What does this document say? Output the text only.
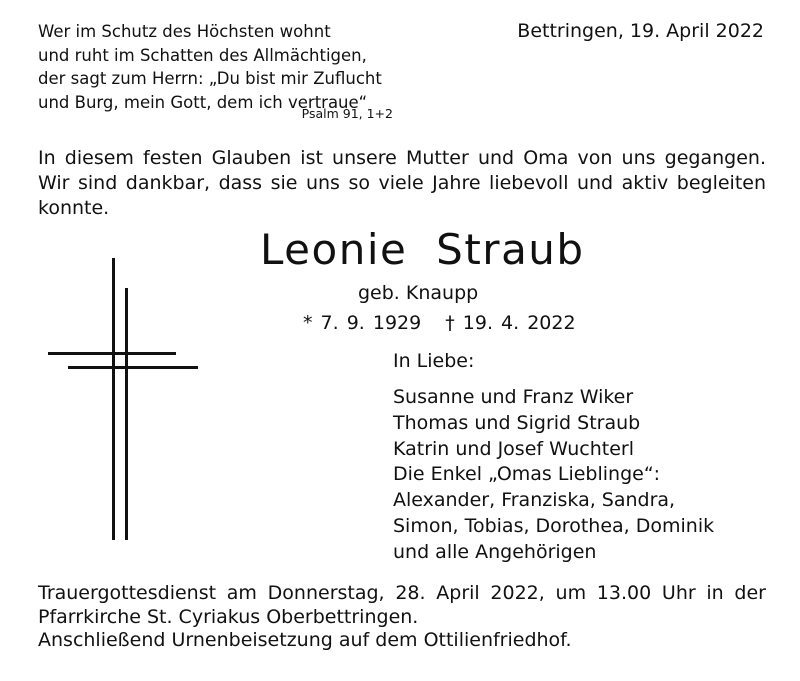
Wer im Schutz des Höchsten wohnt
und ruht im Schatten des Allmächtigen,
der sagt zum Herrn: „Du bist mir Zuflucht
und Burg, mein Gott, dem ich vertraue“
Psalm 91, 1+2
Bettringen, 19. April 2022
In diesem festen Glauben ist unsere Mutter und Oma von uns gegangen.
Wir sind dankbar, dass sie uns so viele Jahre liebevoll und aktiv begleiten
konnte.
Leonie Straub
geb. Knaupp
* 7. 9. 1929 † 19. 4. 2022
In Liebe:
Susanne und Franz Wiker
Thomas und Sigrid Straub
Katrin und Josef Wuchterl
Die Enkel „Omas Lieblinge“:
Alexander, Franziska, Sandra,
Simon, Tobias, Dorothea, Dominik
und alle Angehörigen
Trauergottesdienst am Donnerstag, 28. April 2022, um 13.00 Uhr in der
Pfarrkirche St. Cyriakus Oberbettringen.
Anschließend Urnenbeisetzung auf dem Ottilienfriedhof.
